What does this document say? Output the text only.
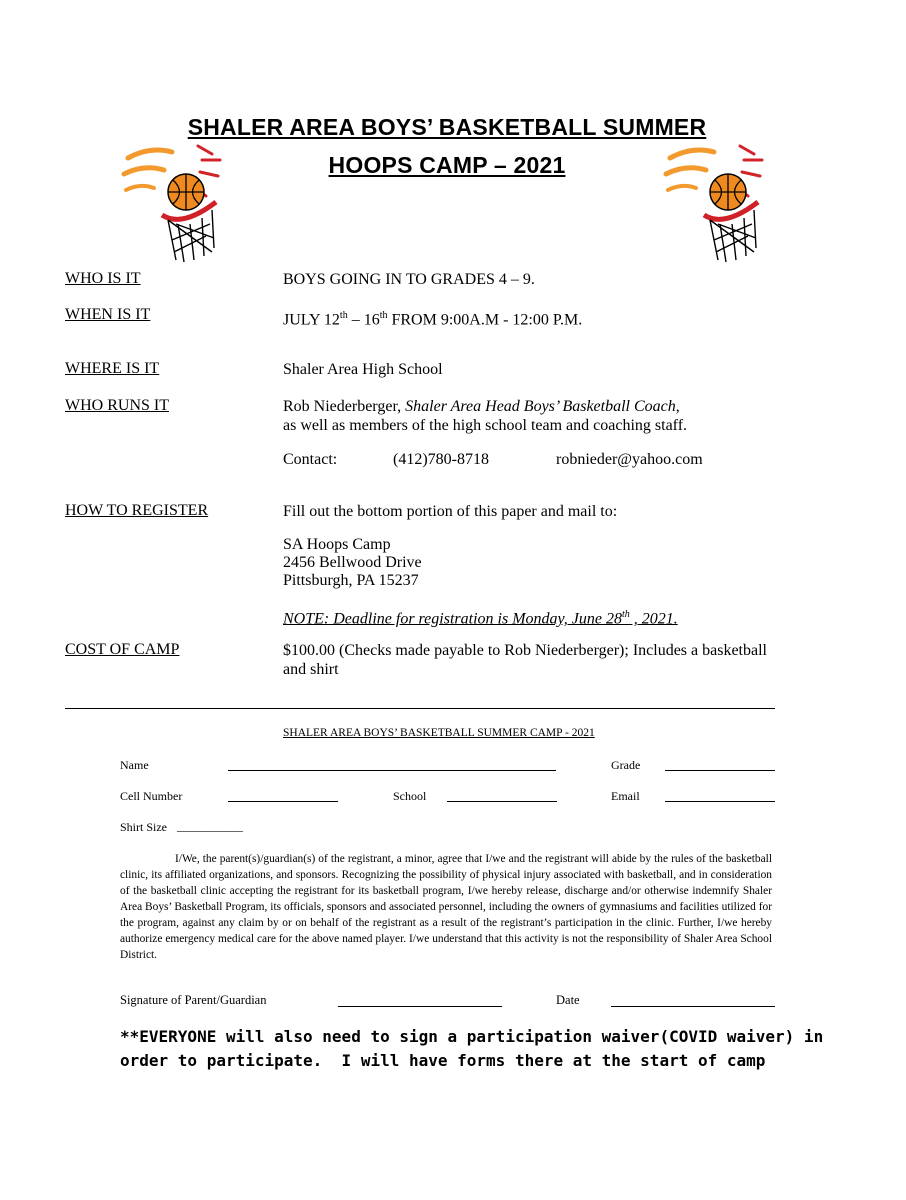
SHALER AREA BOYS’ BASKETBALL SUMMER
HOOPS CAMP – 2021
WHO IS IT	BOYS GOING IN TO GRADES 4 – 9.
WHEN IS IT	JULY 12th – 16th FROM 9:00A.M - 12:00 P.M.
WHERE IS IT	Shaler Area High School
WHO RUNS IT	Rob Niederberger, Shaler Area Head Boys’ Basketball Coach,
as well as members of the high school team and coaching staff.
Contact:	(412)780-8718	robnieder@yahoo.com
HOW TO REGISTER	Fill out the bottom portion of this paper and mail to:
SA Hoops Camp
2456 Bellwood Drive
Pittsburgh, PA 15237
NOTE: Deadline for registration is Monday, June 28th , 2021.
COST OF CAMP	$100.00 (Checks made payable to Rob Niederberger); Includes a basketball and shirt
SHALER AREA BOYS’ BASKETBALL SUMMER CAMP - 2021
Name	Grade
Cell Number	School	Email
Shirt Size ___________
I/We, the parent(s)/guardian(s) of the registrant, a minor, agree that I/we and the registrant will abide by the rules of the basketball clinic, its affiliated organizations, and sponsors. Recognizing the possibility of physical injury associated with basketball, and in consideration of the basketball clinic accepting the registrant for its basketball program, I/we hereby release, discharge and/or otherwise indemnify Shaler Area Boys’ Basketball Program, its officials, sponsors and associated personnel, including the owners of gymnasiums and facilities utilized for the program, against any claim by or on behalf of the registrant as a result of the registrant’s participation in the clinic. Further, I/we hereby authorize emergency medical care for the above named player. I/we understand that this activity is not the responsibility of Shaler Area School District.
Signature of Parent/Guardian	Date
**EVERYONE will also need to sign a participation waiver(COVID waiver) in
order to participate.  I will have forms there at the start of camp
